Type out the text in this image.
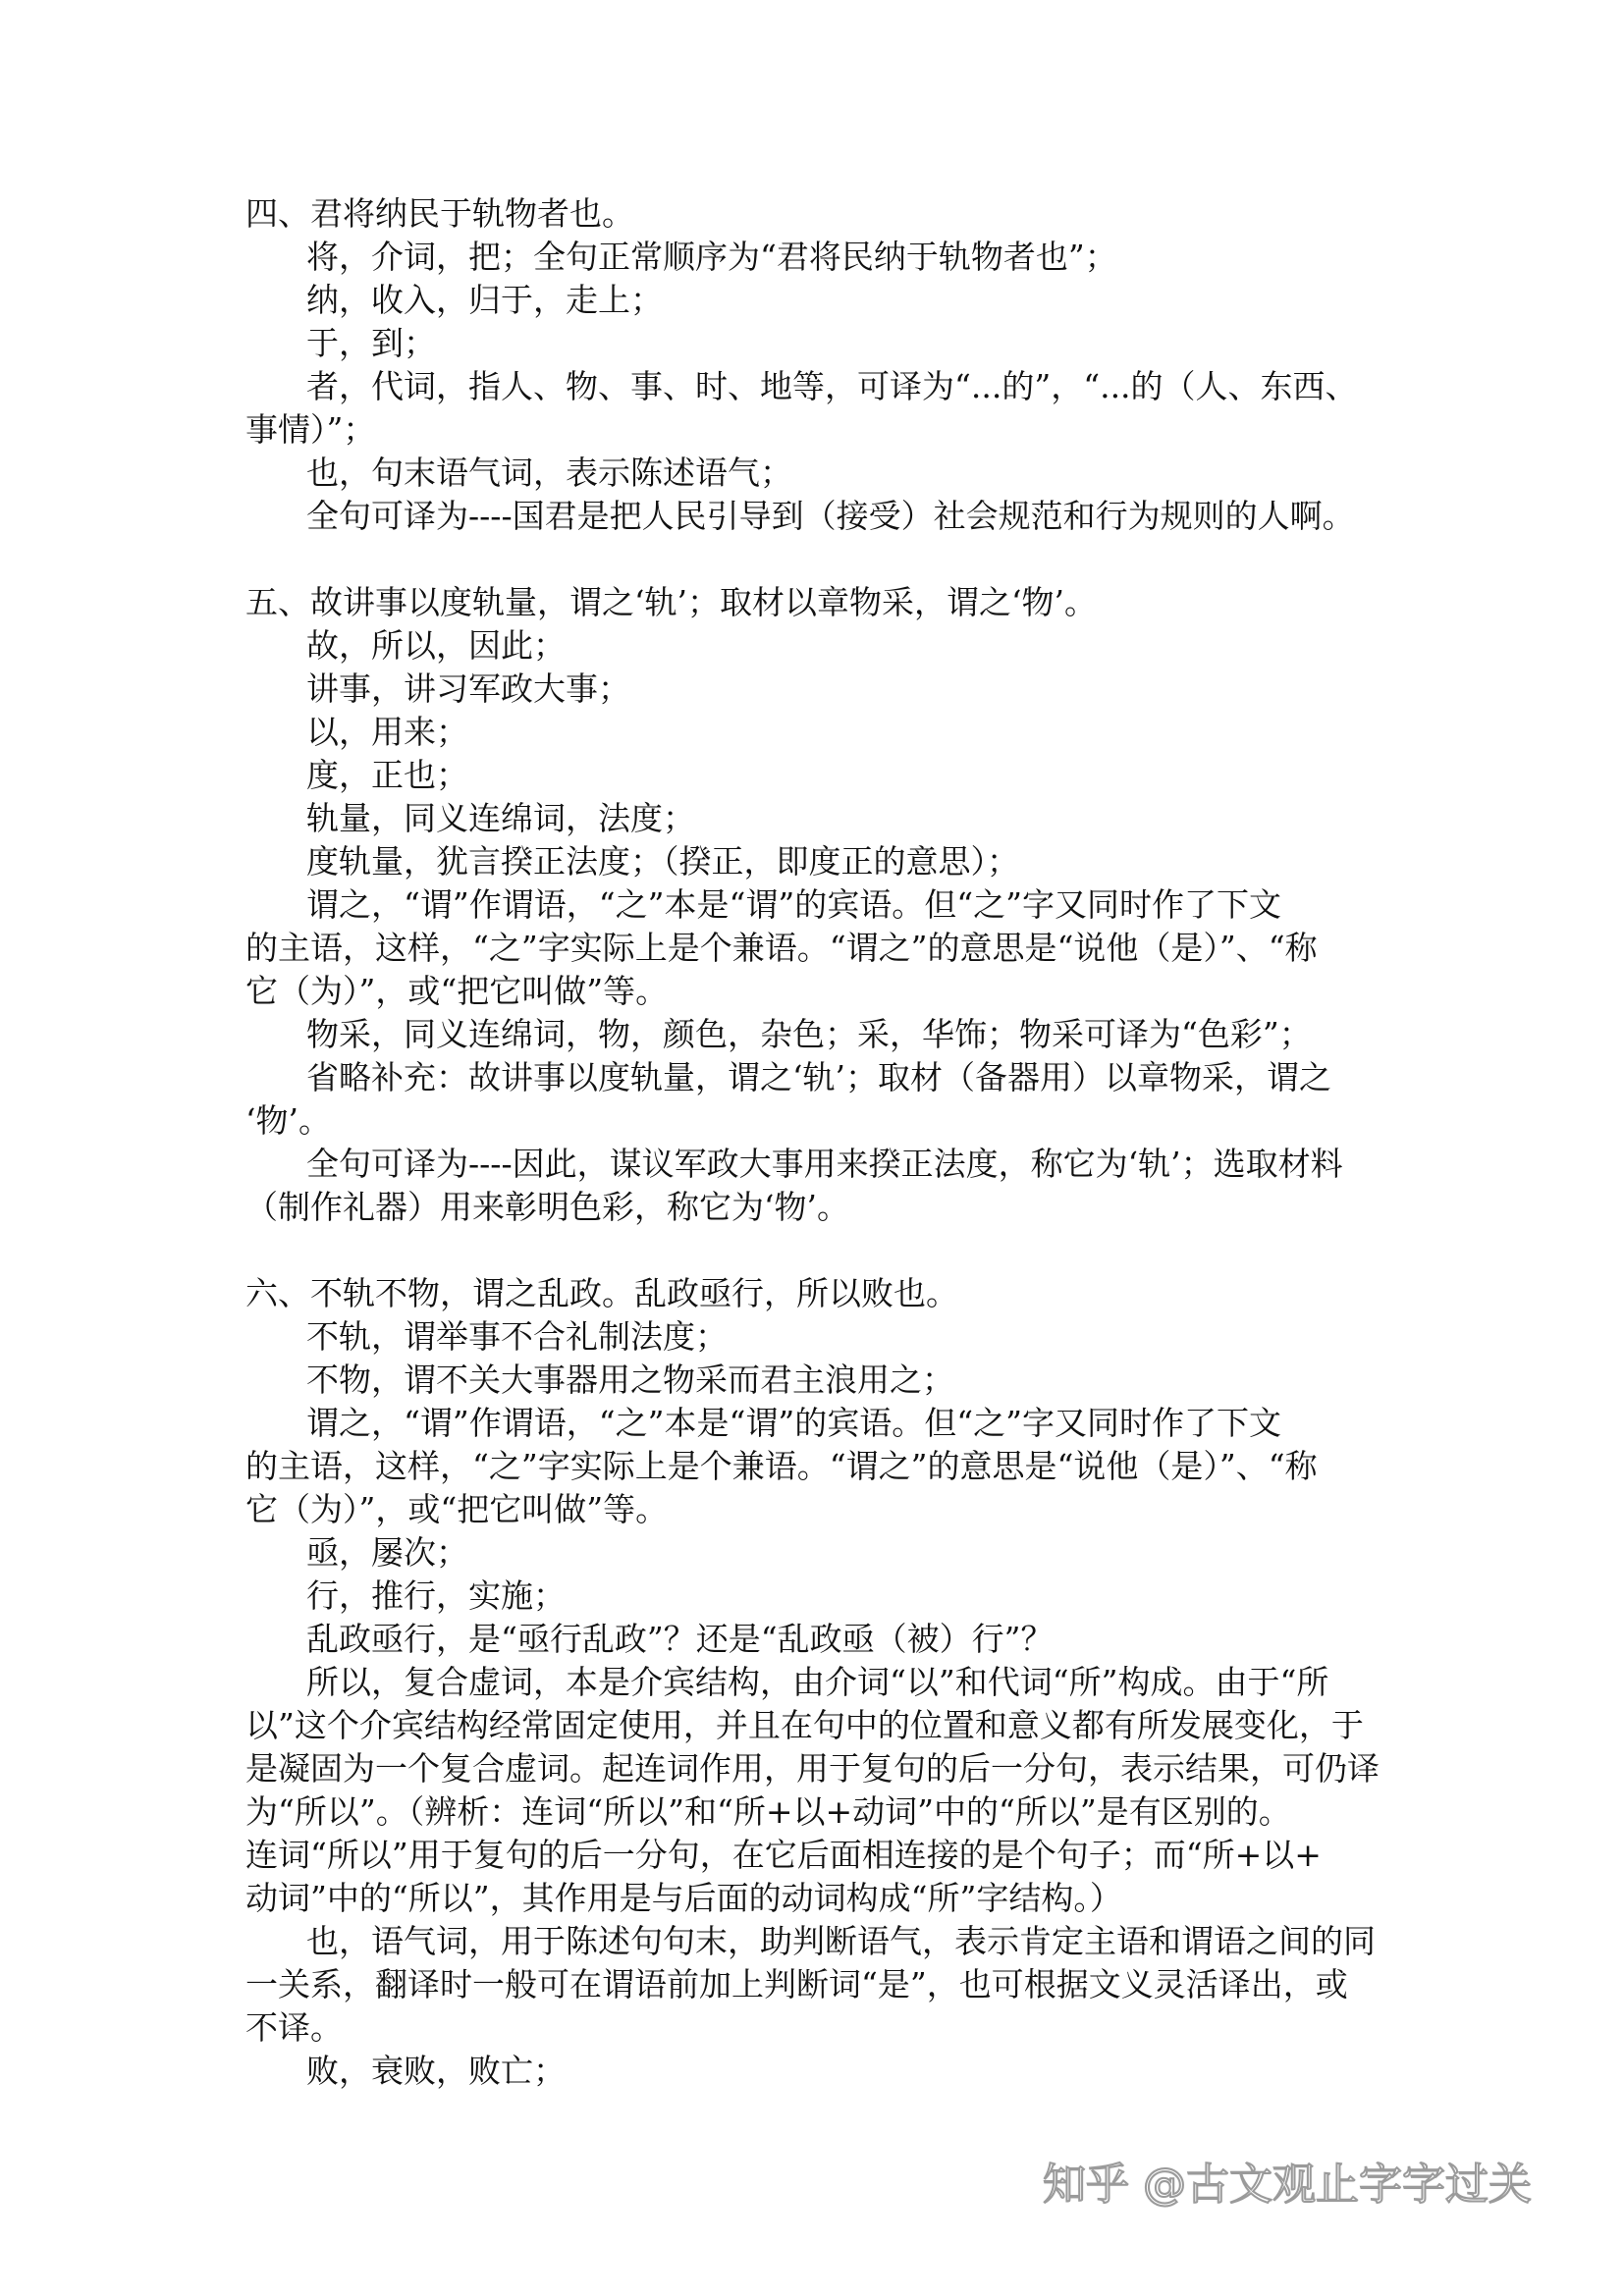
四、君将纳民于轨物者也。
将，介词，把；全句正常顺序为“君将民纳于轨物者也”；
纳，收入，归于，走上；
于，到；
者，代词，指人、物、事、时、地等，可译为“...的”，“...的（人、东西、
事情）”；
也，句末语气词，表示陈述语气；
全句可译为----国君是把人民引导到（接受）社会规范和行为规则的人啊。
五、故讲事以度轨量，谓之‘轨’；取材以章物采，谓之‘物’。
故，所以，因此；
讲事，讲习军政大事；
以，用来；
度，正也；
轨量，同义连绵词，法度；
度轨量，犹言揆正法度；（揆正，即度正的意思）；
谓之，“谓”作谓语，“之”本是“谓”的宾语。但“之”字又同时作了下文
的主语，这样，“之”字实际上是个兼语。“谓之”的意思是“说他（是）”、“称
它（为）”，或“把它叫做”等。
物采，同义连绵词，物，颜色，杂色；采，华饰；物采可译为“色彩”；
省略补充：故讲事以度轨量，谓之‘轨’；取材（备器用）以章物采，谓之
‘物’。
全句可译为----因此，谋议军政大事用来揆正法度，称它为‘轨’；选取材料
（制作礼器）用来彰明色彩，称它为‘物’。
六、不轨不物，谓之乱政。乱政亟行，所以败也。
不轨，谓举事不合礼制法度；
不物，谓不关大事器用之物采而君主浪用之；
谓之，“谓”作谓语，“之”本是“谓”的宾语。但“之”字又同时作了下文
的主语，这样，“之”字实际上是个兼语。“谓之”的意思是“说他（是）”、“称
它（为）”，或“把它叫做”等。
亟，屡次；
行，推行，实施；
乱政亟行，是“亟行乱政”？还是“乱政亟（被）行”？
所以，复合虚词，本是介宾结构，由介词“以”和代词“所”构成。由于“所
以”这个介宾结构经常固定使用，并且在句中的位置和意义都有所发展变化，于
是凝固为一个复合虚词。起连词作用，用于复句的后一分句，表示结果，可仍译
为“所以”。（辨析：连词“所以”和“所+以+动词”中的“所以”是有区别的。
连词“所以”用于复句的后一分句，在它后面相连接的是个句子；而“所+以+
动词”中的“所以”，其作用是与后面的动词构成“所”字结构。）
也，语气词，用于陈述句句末，助判断语气，表示肯定主语和谓语之间的同
一关系，翻译时一般可在谓语前加上判断词“是”，也可根据文义灵活译出，或
不译。
败，衰败，败亡；
知乎 @古文观止字字过关
